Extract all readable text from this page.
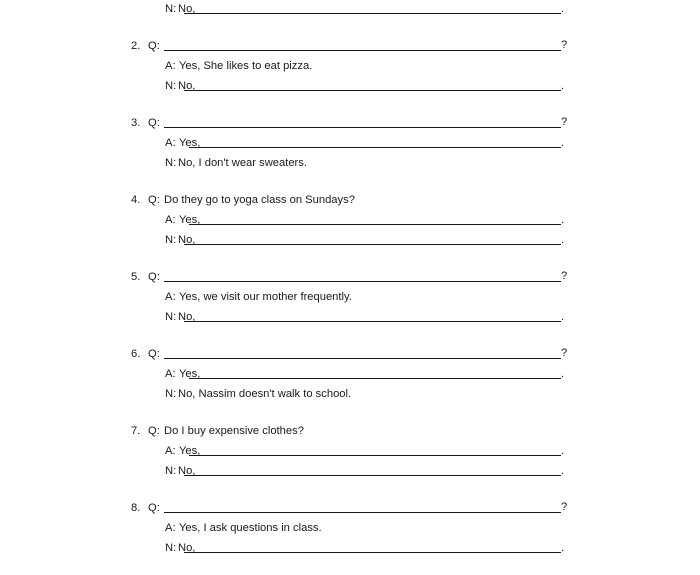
N: No,	.
2. Q:	?
A: Yes, She likes to eat pizza.
N: No,	.
3. Q:	?
A: Yes,	.
N: No, I don't wear sweaters.
4. Q: Do they go to yoga class on Sundays?
A: Yes,	.
N: No,	.
5. Q:	?
A: Yes, we visit our mother frequently.
N: No,	.
6. Q:	?
A: Yes,	.
N: No, Nassim doesn't walk to school.
7. Q: Do I buy expensive clothes?
A: Yes,	.
N: No,	.
8. Q:	?
A: Yes, I ask questions in class.
N: No,	.
